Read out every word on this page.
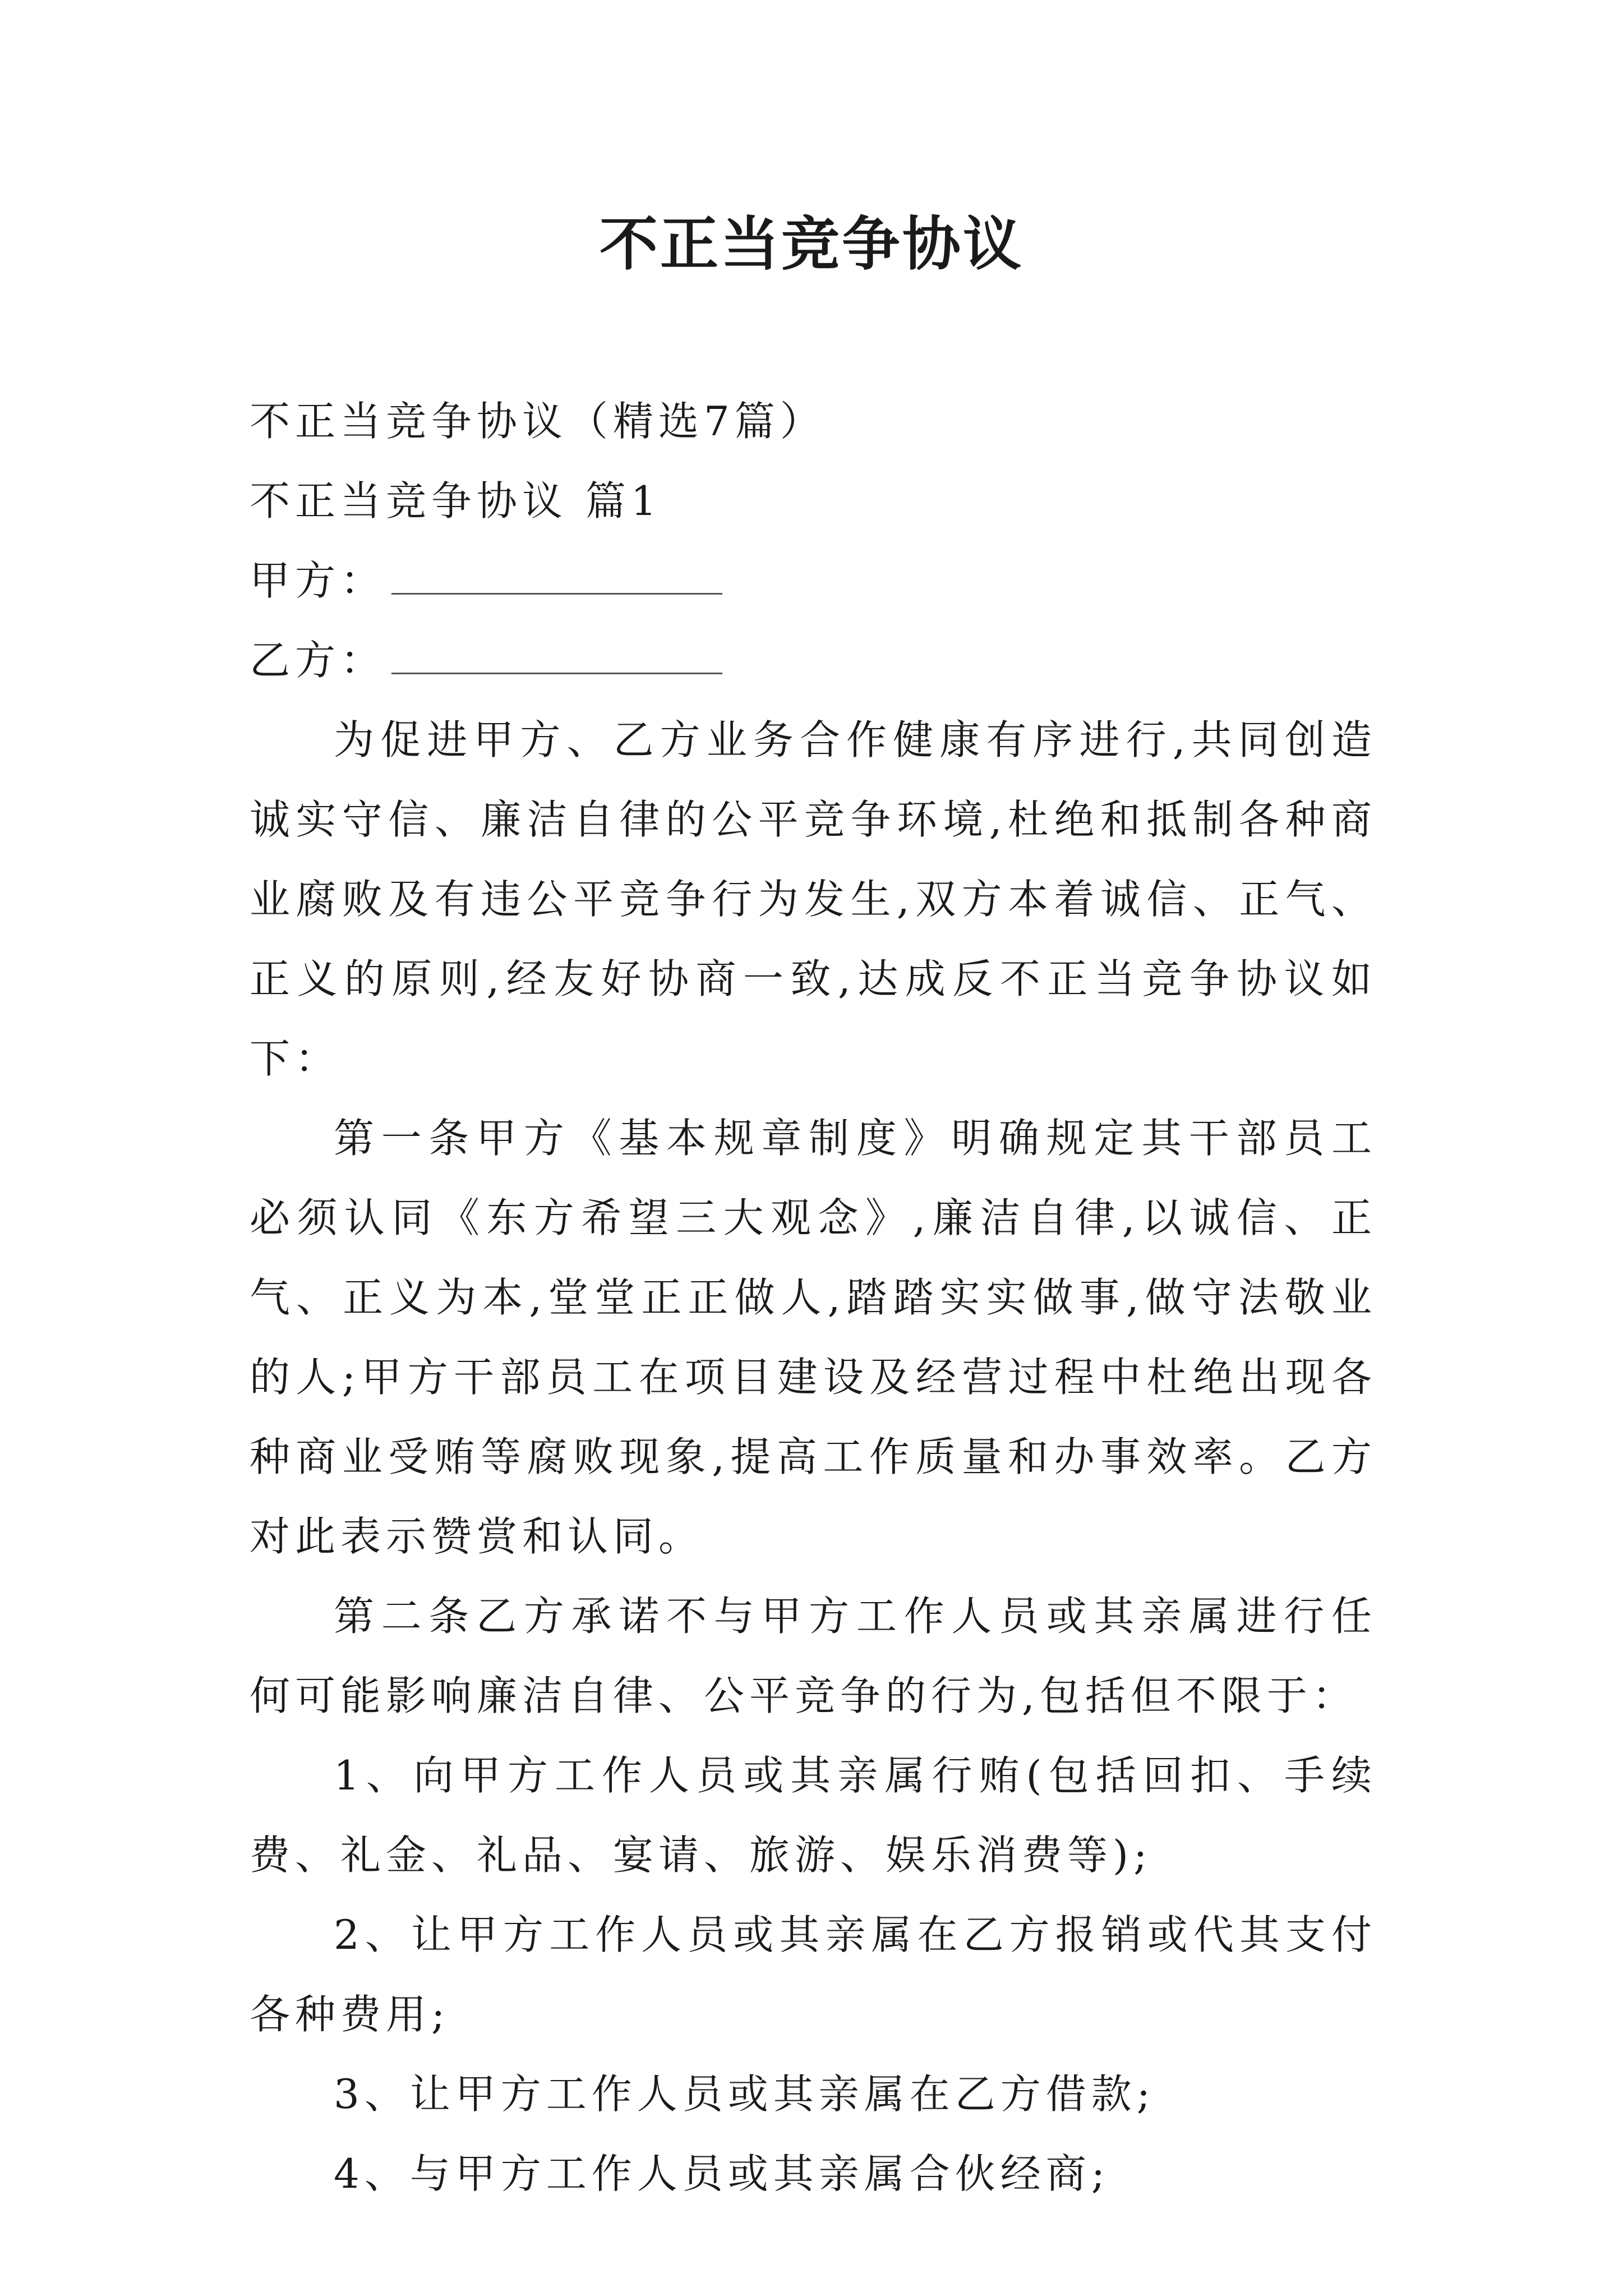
不正当竞争协议

不正当竞争协议（精选7篇）

不正当竞争协议 篇1

甲方：

乙方：

为促进甲方、乙方业务合作健康有序进行,共同创造诚实守信、廉洁自律的公平竞争环境,杜绝和抵制各种商业腐败及有违公平竞争行为发生,双方本着诚信、正气、正义的原则,经友好协商一致,达成反不正当竞争协议如下：

第一条甲方《基本规章制度》明确规定其干部员工必须认同《东方希望三大观念》,廉洁自律,以诚信、正气、正义为本,堂堂正正做人,踏踏实实做事,做守法敬业的人;甲方干部员工在项目建设及经营过程中杜绝出现各种商业受贿等腐败现象,提高工作质量和办事效率。乙方对此表示赞赏和认同。

第二条乙方承诺不与甲方工作人员或其亲属进行任何可能影响廉洁自律、公平竞争的行为,包括但不限于：

1、向甲方工作人员或其亲属行贿(包括回扣、手续费、礼金、礼品、宴请、旅游、娱乐消费等);

2、让甲方工作人员或其亲属在乙方报销或代其支付各种费用;

3、让甲方工作人员或其亲属在乙方借款;

4、与甲方工作人员或其亲属合伙经商;
